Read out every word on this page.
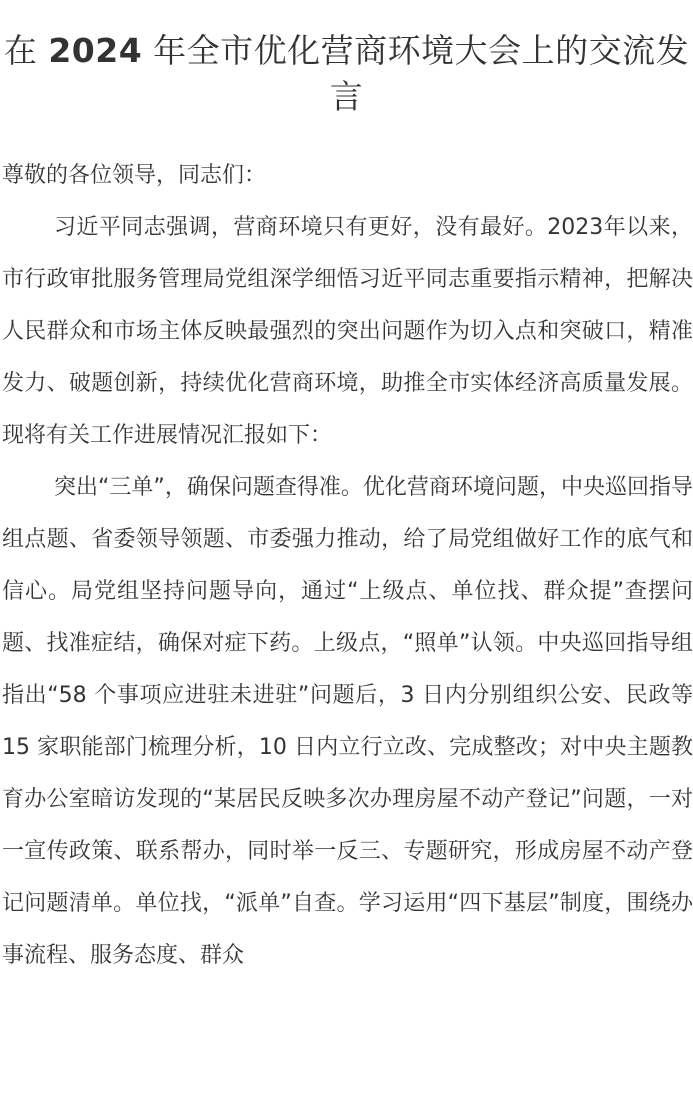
在 2024 年全市优化营商环境大会上的交流发言

尊敬的各位领导，同志们：

习近平同志强调，营商环境只有更好，没有最好。2023年以来，市行政审批服务管理局党组深学细悟习近平同志重要指示精神，把解决人民群众和市场主体反映最强烈的突出问题作为切入点和突破口，精准发力、破题创新，持续优化营商环境，助推全市实体经济高质量发展。现将有关工作进展情况汇报如下：

突出“三单”，确保问题查得准。优化营商环境问题，中央巡回指导组点题、省委领导领题、市委强力推动，给了局党组做好工作的底气和信心。局党组坚持问题导向，通过“上级点、单位找、群众提”查摆问题、找准症结，确保对症下药。上级点，“照单”认领。中央巡回指导组指出“58 个事项应进驻未进驻”问题后，3 日内分别组织公安、民政等 15 家职能部门梳理分析，10 日内立行立改、完成整改；对中央主题教育办公室暗访发现的“某居民反映多次办理房屋不动产登记”问题，一对一宣传政策、联系帮办，同时举一反三、专题研究，形成房屋不动产登记问题清单。单位找，“派单”自查。学习运用“四下基层”制度，围绕办事流程、服务态度、群众
